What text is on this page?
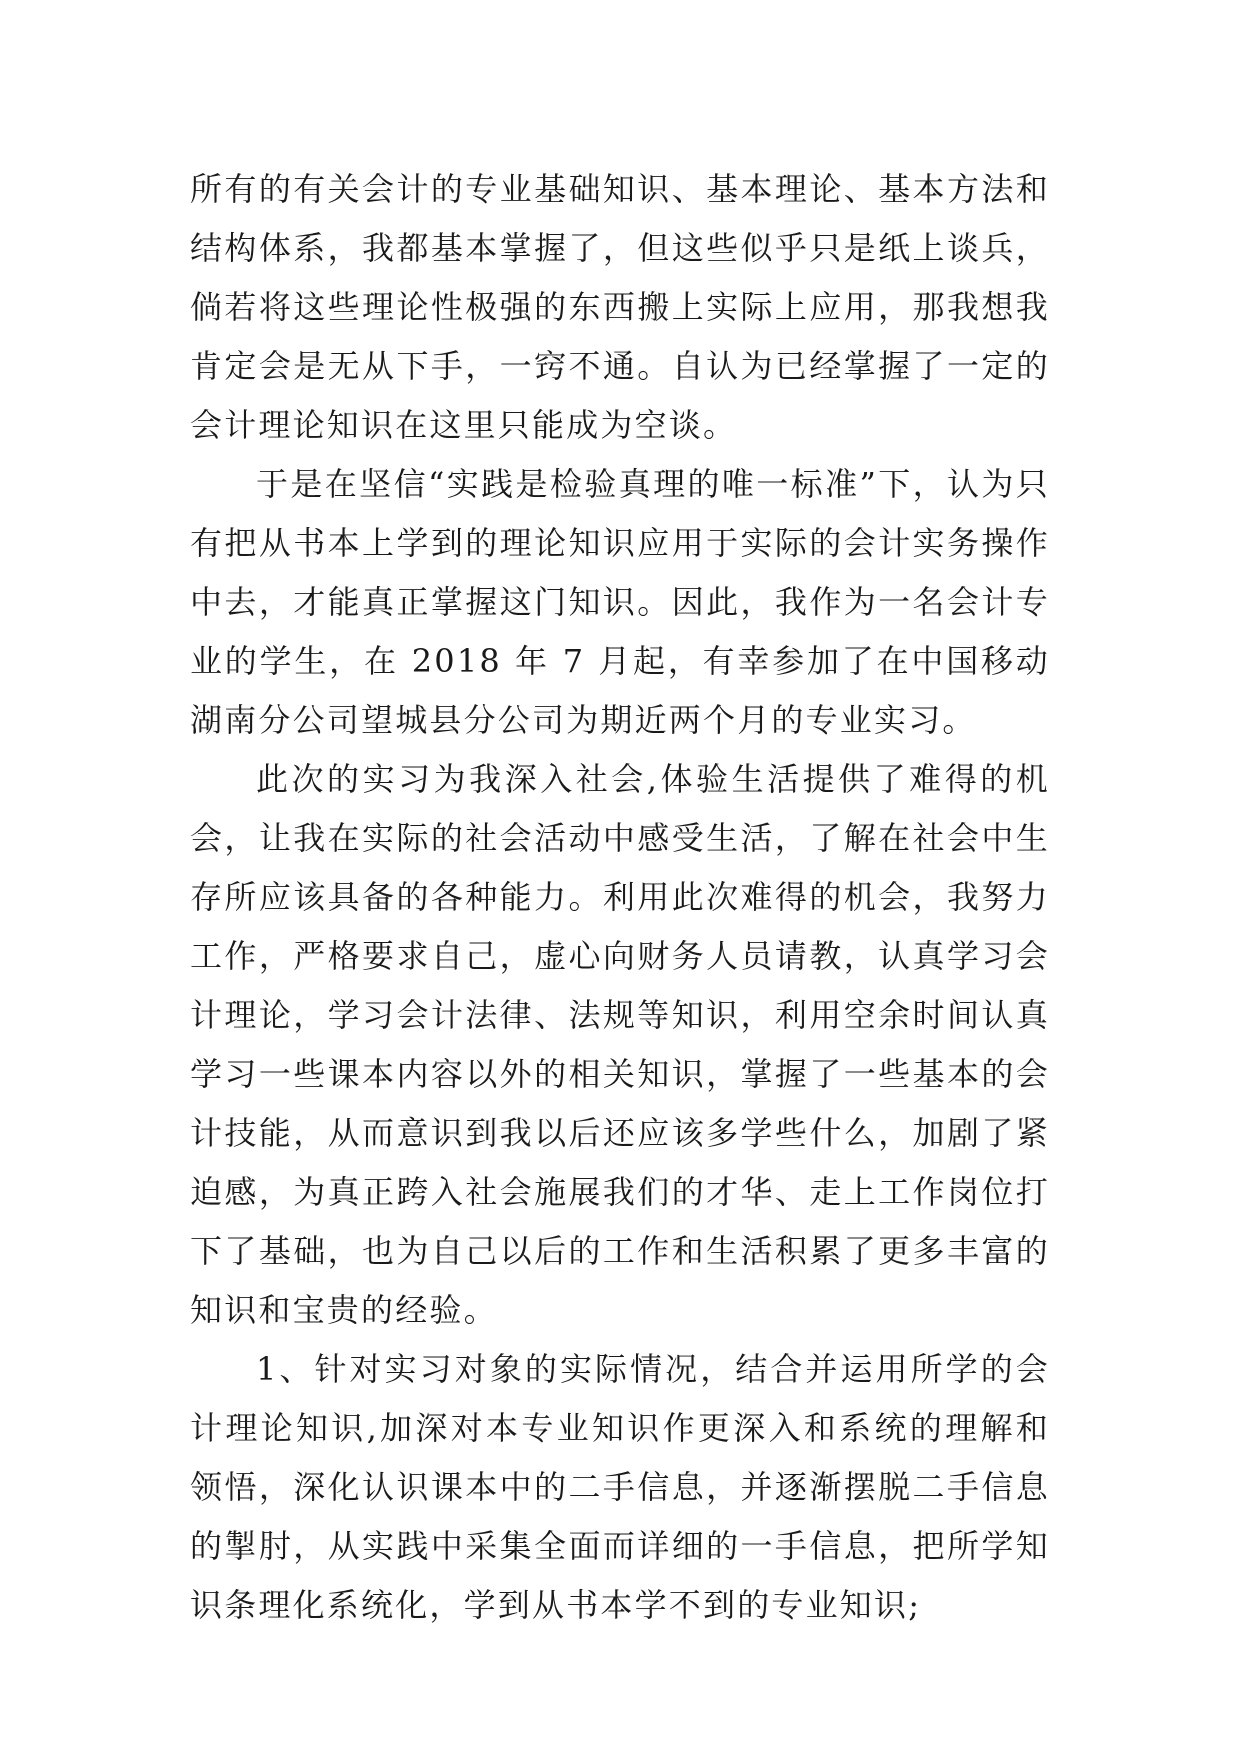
所有的有关会计的专业基础知识、基本理论、基本方法和结构体系，我都基本掌握了，但这些似乎只是纸上谈兵，倘若将这些理论性极强的东西搬上实际上应用，那我想我肯定会是无从下手，一窍不通。自认为已经掌握了一定的会计理论知识在这里只能成为空谈。

于是在坚信“实践是检验真理的唯一标准”下，认为只有把从书本上学到的理论知识应用于实际的会计实务操作中去，才能真正掌握这门知识。因此，我作为一名会计专业的学生，在 2018 年 7 月起，有幸参加了在中国移动湖南分公司望城县分公司为期近两个月的专业实习。

此次的实习为我深入社会,体验生活提供了难得的机会，让我在实际的社会活动中感受生活，了解在社会中生存所应该具备的各种能力。利用此次难得的机会，我努力工作，严格要求自己，虚心向财务人员请教，认真学习会计理论，学习会计法律、法规等知识，利用空余时间认真学习一些课本内容以外的相关知识，掌握了一些基本的会计技能，从而意识到我以后还应该多学些什么，加剧了紧迫感，为真正跨入社会施展我们的才华、走上工作岗位打下了基础，也为自己以后的工作和生活积累了更多丰富的知识和宝贵的经验。

1、针对实习对象的实际情况，结合并运用所学的会计理论知识,加深对本专业知识作更深入和系统的理解和领悟，深化认识课本中的二手信息，并逐渐摆脱二手信息的掣肘，从实践中采集全面而详细的一手信息，把所学知识条理化系统化，学到从书本学不到的专业知识;
